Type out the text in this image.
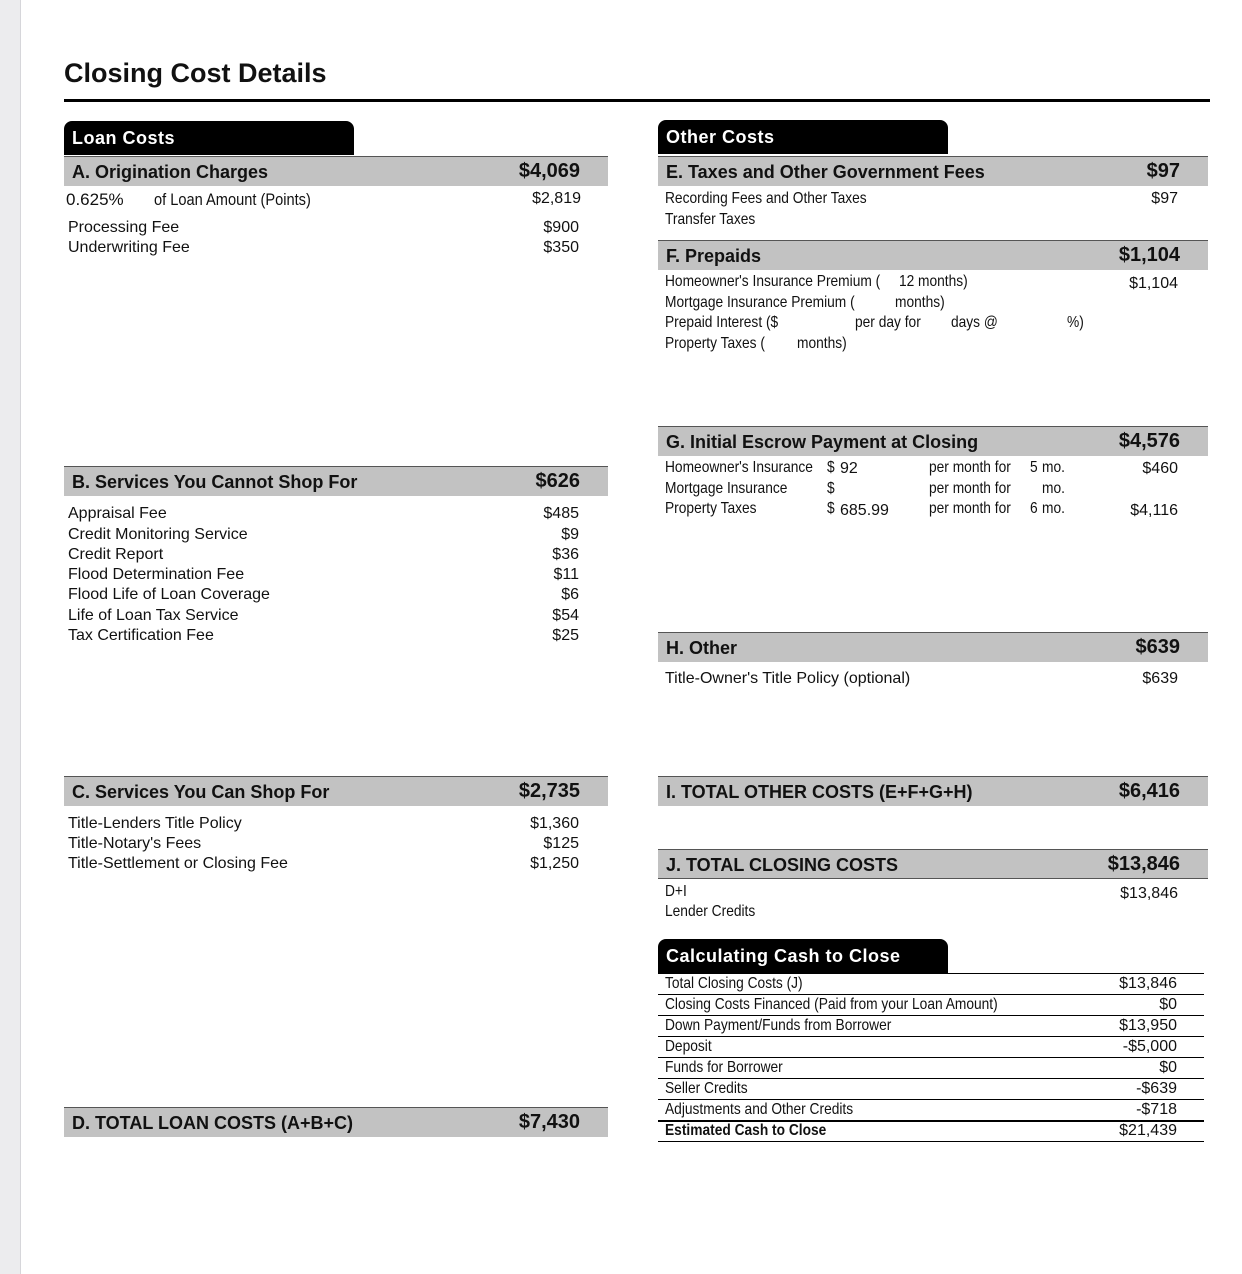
Closing Cost Details
Loan Costs
A. Origination Charges	$4,069
0.625% of Loan Amount (Points)	$2,819
Processing Fee	$900
Underwriting Fee	$350
B. Services You Cannot Shop For	$626
Appraisal Fee	$485
Credit Monitoring Service	$9
Credit Report	$36
Flood Determination Fee	$11
Flood Life of Loan Coverage	$6
Life of Loan Tax Service	$54
Tax Certification Fee	$25
C. Services You Can Shop For	$2,735
Title-Lenders Title Policy	$1,360
Title-Notary's Fees	$125
Title-Settlement or Closing Fee	$1,250
D. TOTAL LOAN COSTS (A+B+C)	$7,430
Other Costs
E. Taxes and Other Government Fees	$97
Recording Fees and Other Taxes	$97
Transfer Taxes
F. Prepaids	$1,104
Homeowner's Insurance Premium ( 12 months)	$1,104
Mortgage Insurance Premium (	months)
Prepaid Interest ($	per day for days @	%)
Property Taxes ( months)
G. Initial Escrow Payment at Closing	$4,576
Homeowner's Insurance $ 92	per month for 5 mo.	$460
Mortgage Insurance $	per month for mo.
Property Taxes	$ 685.99	per month for 6 mo.	$4,116
H. Other	$639
Title-Owner's Title Policy (optional)	$639
I. TOTAL OTHER COSTS (E+F+G+H)	$6,416
J. TOTAL CLOSING COSTS	$13,846
D+I	$13,846
Lender Credits
Calculating Cash to Close
Total Closing Costs (J)	$13,846
Closing Costs Financed (Paid from your Loan Amount)	$0
Down Payment/Funds from Borrower	$13,950
Deposit	-$5,000
Funds for Borrower	$0
Seller Credits	-$639
Adjustments and Other Credits	-$718
Estimated Cash to Close	$21,439
